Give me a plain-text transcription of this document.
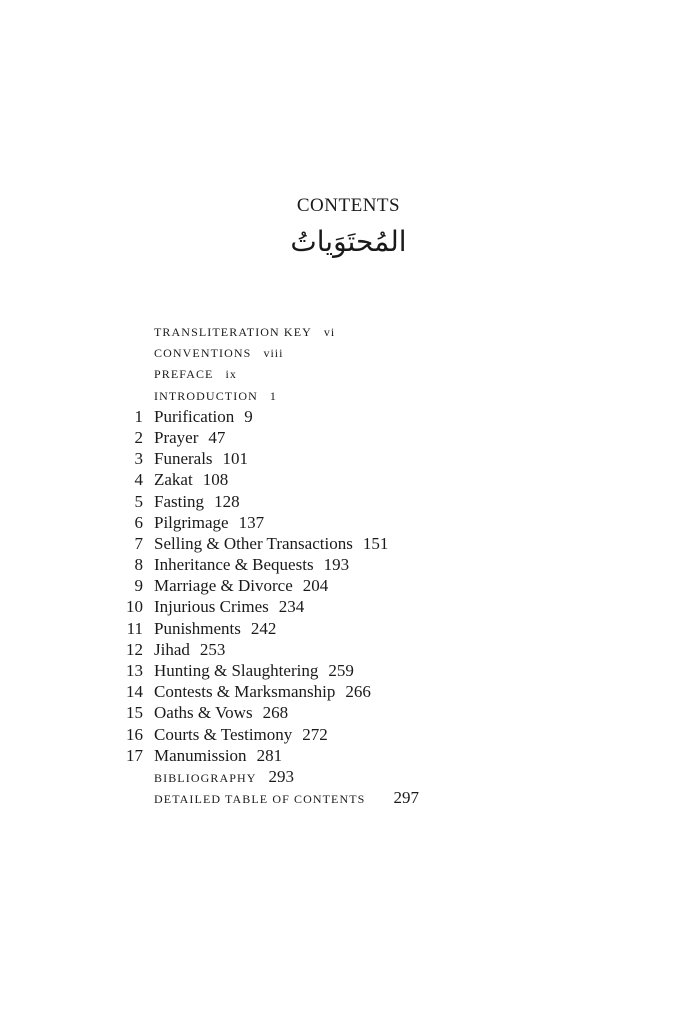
CONTENTS
المُحتَوَياتُ
TRANSLITERATION KEY vi
CONVENTIONS viii
PREFACE ix
INTRODUCTION 1
1 Purification 9
2 Prayer 47
3 Funerals 101
4 Zakat 108
5 Fasting 128
6 Pilgrimage 137
7 Selling & Other Transactions 151
8 Inheritance & Bequests 193
9 Marriage & Divorce 204
10 Injurious Crimes 234
11 Punishments 242
12 Jihad 253
13 Hunting & Slaughtering 259
14 Contests & Marksmanship 266
15 Oaths & Vows 268
16 Courts & Testimony 272
17 Manumission 281
BIBLIOGRAPHY 293
DETAILED TABLE OF CONTENTS 297
